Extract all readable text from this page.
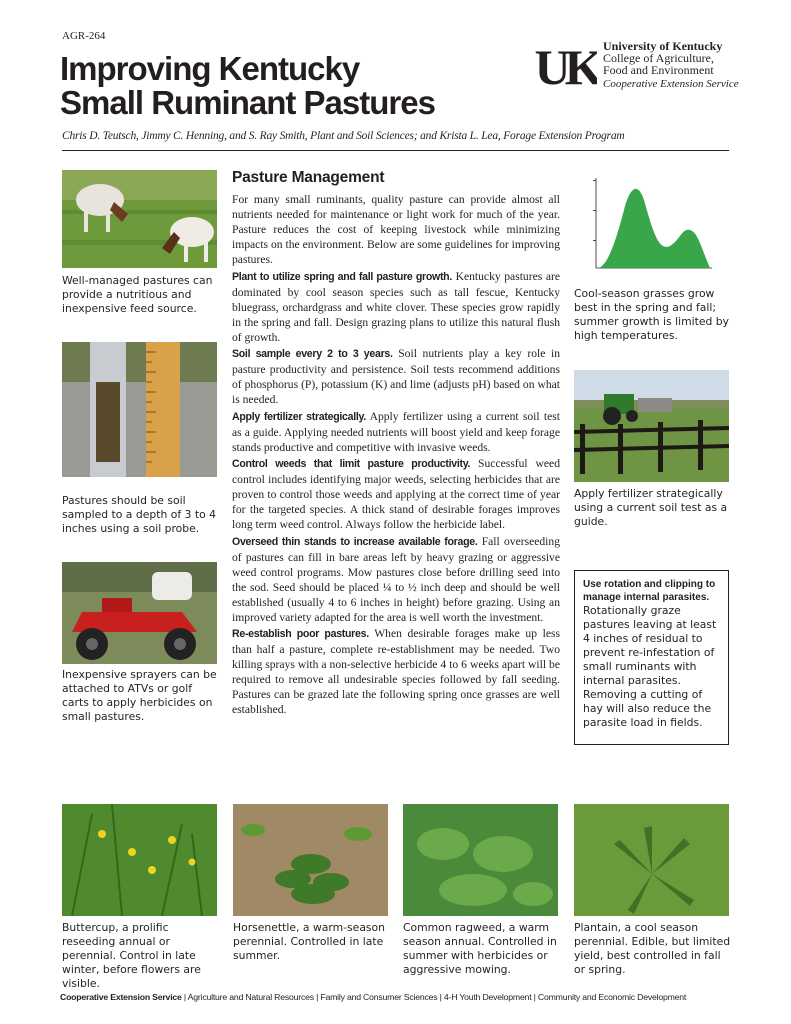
AGR-264
Improving Kentucky
Small Ruminant Pastures
UK University of Kentucky
College of Agriculture,
Food and Environment
Cooperative Extension Service
Chris D. Teutsch, Jimmy C. Henning, and S. Ray Smith, Plant and Soil Sciences; and Krista L. Lea, Forage Extension Program
Well-managed pastures can provide a nutritious and inexpensive feed source.
Pastures should be soil sampled to a depth of 3 to 4 inches using a soil probe.
Inexpensive sprayers can be attached to ATVs or golf carts to apply herbicides on small pastures.
Pasture Management

For many small ruminants, quality pasture can provide almost all nutrients needed for maintenance or light work for much of the year. Pasture reduces the cost of keeping livestock while minimizing impacts on the environment. Below are some guidelines for improving pastures.

Plant to utilize spring and fall pasture growth. Kentucky pastures are dominated by cool season species such as tall fescue, Kentucky bluegrass, orchardgrass and white clover. These species grow rapidly in the spring and fall. Design grazing plans to utilize this natural flush of growth.

Soil sample every 2 to 3 years. Soil nutrients play a key role in pasture productivity and persistence. Soil tests recommend additions of phosphorus (P), potassium (K) and lime (adjusts pH) based on what is needed.

Apply fertilizer strategically. Apply fertilizer using a current soil test as a guide. Applying needed nutrients will boost yield and keep forage stands productive and competitive with invasive weeds.

Control weeds that limit pasture productivity. Successful weed control includes identifying major weeds, selecting herbicides that are proven to control those weeds and applying at the correct time of year for the targeted species. A thick stand of desirable forages improves long term weed control. Always follow the herbicide label.

Overseed thin stands to increase available forage. Fall overseeding of pastures can fill in bare areas left by heavy grazing or aggressive weed control programs. Mow pastures close before drilling seed into the sod. Seed should be placed ¼ to ½ inch deep and should be well established (usually 4 to 6 inches in height) before grazing. Using an improved variety adapted for the area is well worth the investment.

Re-establish poor pastures. When desirable forages make up less than half a pasture, complete re-establishment may be needed. Two killing sprays with a non-selective herbicide 4 to 6 weeks apart will be required to remove all undesirable species followed by fall seeding. Pastures can be grazed late the following spring once grasses are well established.

Cool-season grasses grow best in the spring and fall; summer growth is limited by high temperatures.
Apply fertilizer strategically using a current soil test as a guide.
Use rotation and clipping to manage internal parasites.
Rotationally graze pastures leaving at least 4 inches of residual to prevent re-infestation of small ruminants with internal parasites. Removing a cutting of hay will also reduce the parasite load in fields.
Buttercup, a prolific reseeding annual or perennial. Control in late winter, before flowers are visible.
Horsenettle, a warm-season perennial. Controlled in late summer.
Common ragweed, a warm season annual. Controlled in summer with herbicides or aggressive mowing.
Plantain, a cool season perennial. Edible, but limited yield, best controlled in fall or spring.
Cooperative Extension Service | Agriculture and Natural Resources | Family and Consumer Sciences | 4-H Youth Development | Community and Economic Development
